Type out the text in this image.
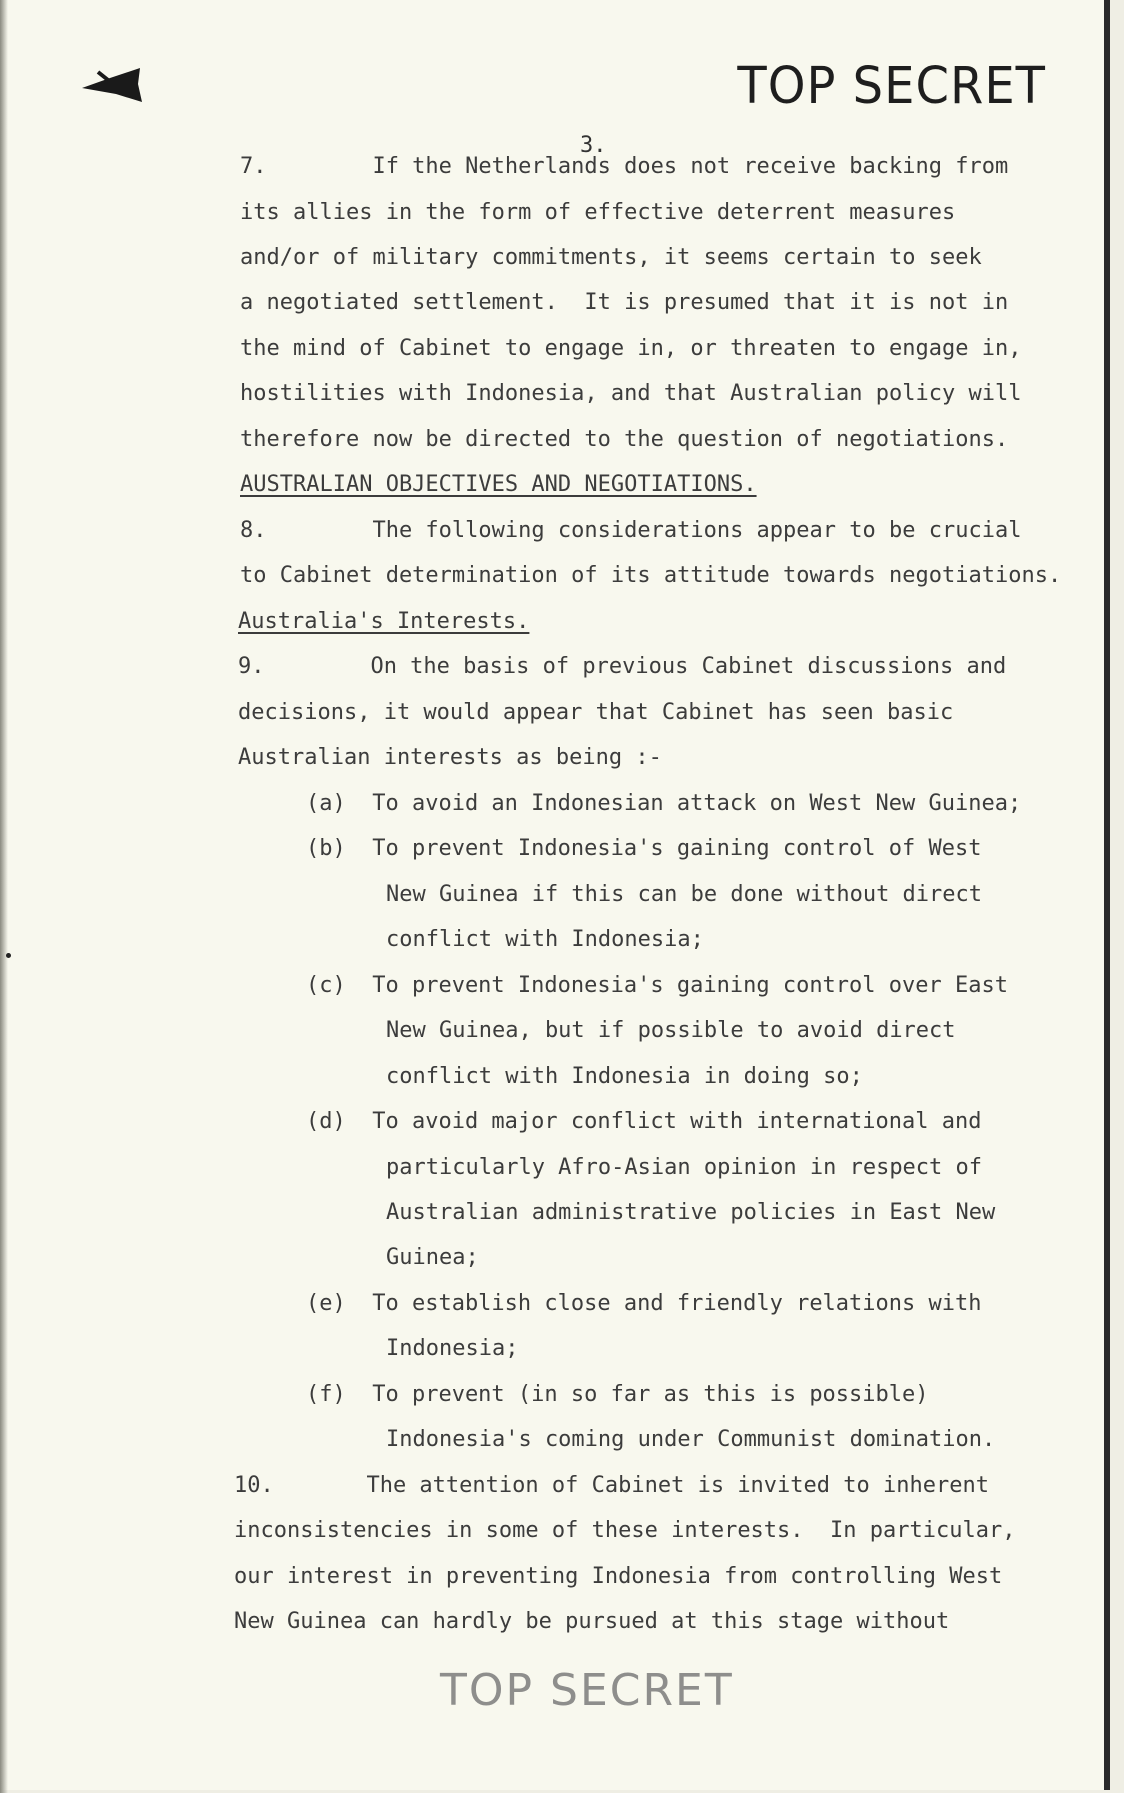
TOP SECRET
3.
7.        If the Netherlands does not receive backing from
its allies in the form of effective deterrent measures
and/or of military commitments, it seems certain to seek
a negotiated settlement.  It is presumed that it is not in
the mind of Cabinet to engage in, or threaten to engage in,
hostilities with Indonesia, and that Australian policy will
therefore now be directed to the question of negotiations.
AUSTRALIAN OBJECTIVES AND NEGOTIATIONS.
8.        The following considerations appear to be crucial
to Cabinet determination of its attitude towards negotiations.
Australia's Interests.
9.        On the basis of previous Cabinet discussions and
decisions, it would appear that Cabinet has seen basic
Australian interests as being :-
(a)  To avoid an Indonesian attack on West New Guinea;
(b)  To prevent Indonesia's gaining control of West
New Guinea if this can be done without direct
conflict with Indonesia;
(c)  To prevent Indonesia's gaining control over East
New Guinea, but if possible to avoid direct
conflict with Indonesia in doing so;
(d)  To avoid major conflict with international and
particularly Afro-Asian opinion in respect of
Australian administrative policies in East New
Guinea;
(e)  To establish close and friendly relations with
Indonesia;
(f)  To prevent (in so far as this is possible)
Indonesia's coming under Communist domination.
10.       The attention of Cabinet is invited to inherent
inconsistencies in some of these interests.  In particular,
our interest in preventing Indonesia from controlling West
New Guinea can hardly be pursued at this stage without
TOP SECRET
